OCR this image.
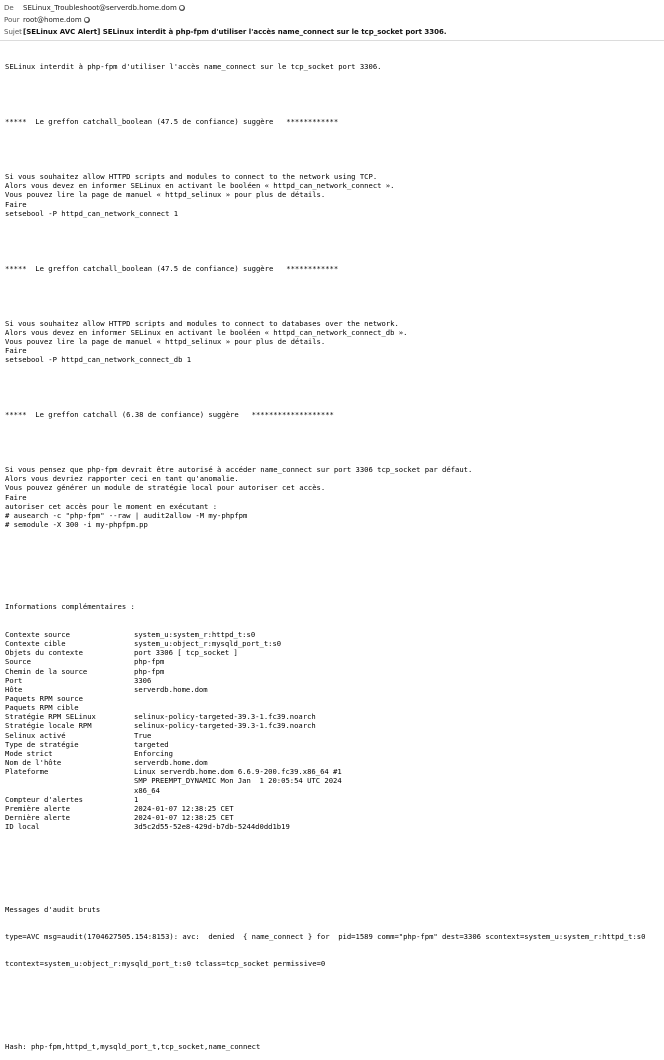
De	SELinux_Troubleshoot@serverdb.home.dom ●
Pour root@home.dom ●
Sujet [SELinux AVC Alert] SELinux interdit à php-fpm d'utiliser l'accès name_connect sur le tcp_socket port 3306.

SELinux interdit à php-fpm d'utiliser l'accès name_connect sur le tcp_socket port 3306.

*****  Le greffon catchall_boolean (47.5 de confiance) suggère   ************

Si vous souhaitez allow HTTPD scripts and modules to connect to the network using TCP.
Alors vous devez en informer SELinux en activant le booléen « httpd_can_network_connect ».
Vous pouvez lire la page de manuel « httpd_selinux » pour plus de détails.
Faire
setsebool -P httpd_can_network_connect 1

*****  Le greffon catchall_boolean (47.5 de confiance) suggère   ************

Si vous souhaitez allow HTTPD scripts and modules to connect to databases over the network.
Alors vous devez en informer SELinux en activant le booléen « httpd_can_network_connect_db ».
Vous pouvez lire la page de manuel « httpd_selinux » pour plus de détails.
Faire
setsebool -P httpd_can_network_connect_db 1

*****  Le greffon catchall (6.38 de confiance) suggère   *******************

Si vous pensez que php-fpm devrait être autorisé à accéder name_connect sur port 3306 tcp_socket par défaut.
Alors vous devriez rapporter ceci en tant qu'anomalie.
Vous pouvez générer un module de stratégie local pour autoriser cet accès.
Faire
autoriser cet accès pour le moment en exécutant :
# ausearch -c "php-fpm" --raw | audit2allow -M my-phpfpm
# semodule -X 300 -i my-phpfpm.pp

Informations complémentaires :

Contexte source	system_u:system_r:httpd_t:s0
Contexte cible	system_u:object_r:mysqld_port_t:s0
Objets du contexte	port 3306 [ tcp_socket ]
Source	php-fpm
Chemin de la source	php-fpm
Port	3306
Hôte	serverdb.home.dom
Paquets RPM source
Paquets RPM cible
Stratégie RPM SELinux	selinux-policy-targeted-39.3-1.fc39.noarch
Stratégie locale RPM	selinux-policy-targeted-39.3-1.fc39.noarch
Selinux activé	True
Type de stratégie	targeted
Mode strict	Enforcing
Nom de l'hôte	serverdb.home.dom
Plateforme	Linux serverdb.home.dom 6.6.9-200.fc39.x86_64 #1
SMP PREEMPT_DYNAMIC Mon Jan  1 20:05:54 UTC 2024
x86_64
Compteur d'alertes	1
Première alerte	2024-01-07 12:38:25 CET
Dernière alerte	2024-01-07 12:38:25 CET
ID local	3d5c2d55-52e8-429d-b7db-5244d0dd1b19

Messages d'audit bruts

type=AVC msg=audit(1704627505.154:8153): avc:  denied  { name_connect } for  pid=1589 comm="php-fpm" dest=3306 scontext=system_u:system_r:httpd_t:s0

tcontext=system_u:object_r:mysqld_port_t:s0 tclass=tcp_socket permissive=0

Hash: php-fpm,httpd_t,mysqld_port_t,tcp_socket,name_connect
